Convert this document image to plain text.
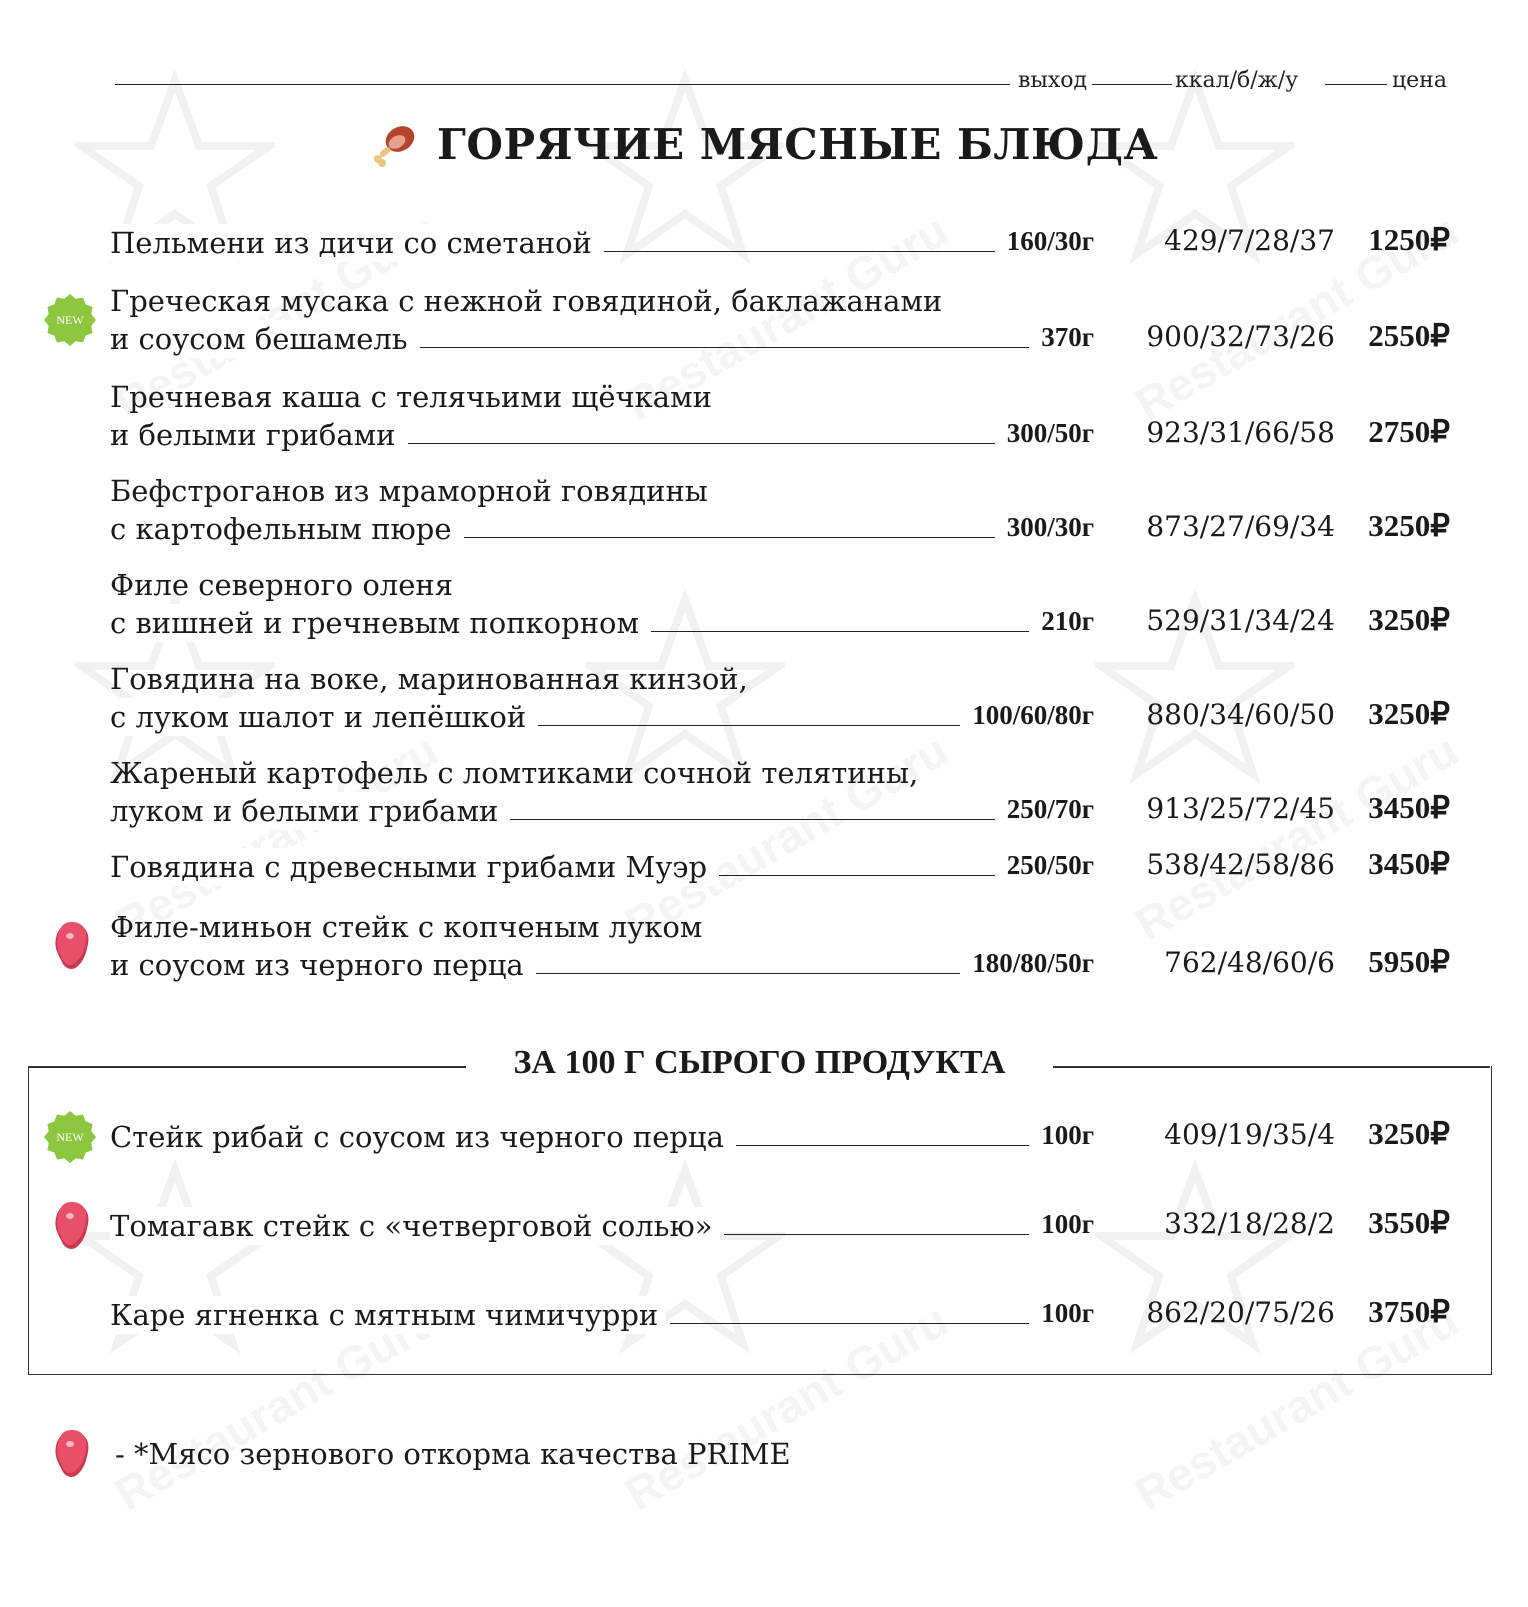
выход	ккал/б/ж/у	цена
ГОРЯЧИЕ МЯСНЫЕ БЛЮДА
Пельмени из дичи со сметаной	160/30г	429/7/28/37 1250₽
Греческая мусака с нежной говядиной, баклажанами
и соусом бешамель	370г 900/32/73/26 2550₽
NEW
Гречневая каша с телячьими щёчками
и белыми грибами	300/50г 923/31/66/58 2750₽
Бефстроганов из мраморной говядины
с картофельным пюре	300/30г 873/27/69/34 3250₽
Филе северного оленя
с вишней и гречневым попкорном	210г 529/31/34/24 3250₽
Говядина на воке, маринованная кинзой,
с луком шалот и лепёшкой	100/60/80г 880/34/60/50 3250₽
Жареный картофель с ломтиками сочной телятины,
луком и белыми грибами	250/70г 913/25/72/45 3450₽
Говядина с древесными грибами Муэр	250/50г 538/42/58/86 3450₽
Филе-миньон стейк с копченым луком
и соусом из черного перца	180/80/50г	762/48/60/6 5950₽
ЗА 100 Г СЫРОГО ПРОДУКТА
Стейк рибай с соусом из черного перца	100г	409/19/35/4 3250₽
NEW
Томагавк стейк с «четверговой солью»	100г	332/18/28/2 3550₽
Каре ягненка с мятным чимичурри	100г 862/20/75/26 3750₽
- *Мясо зернового откорма качества PRIME
